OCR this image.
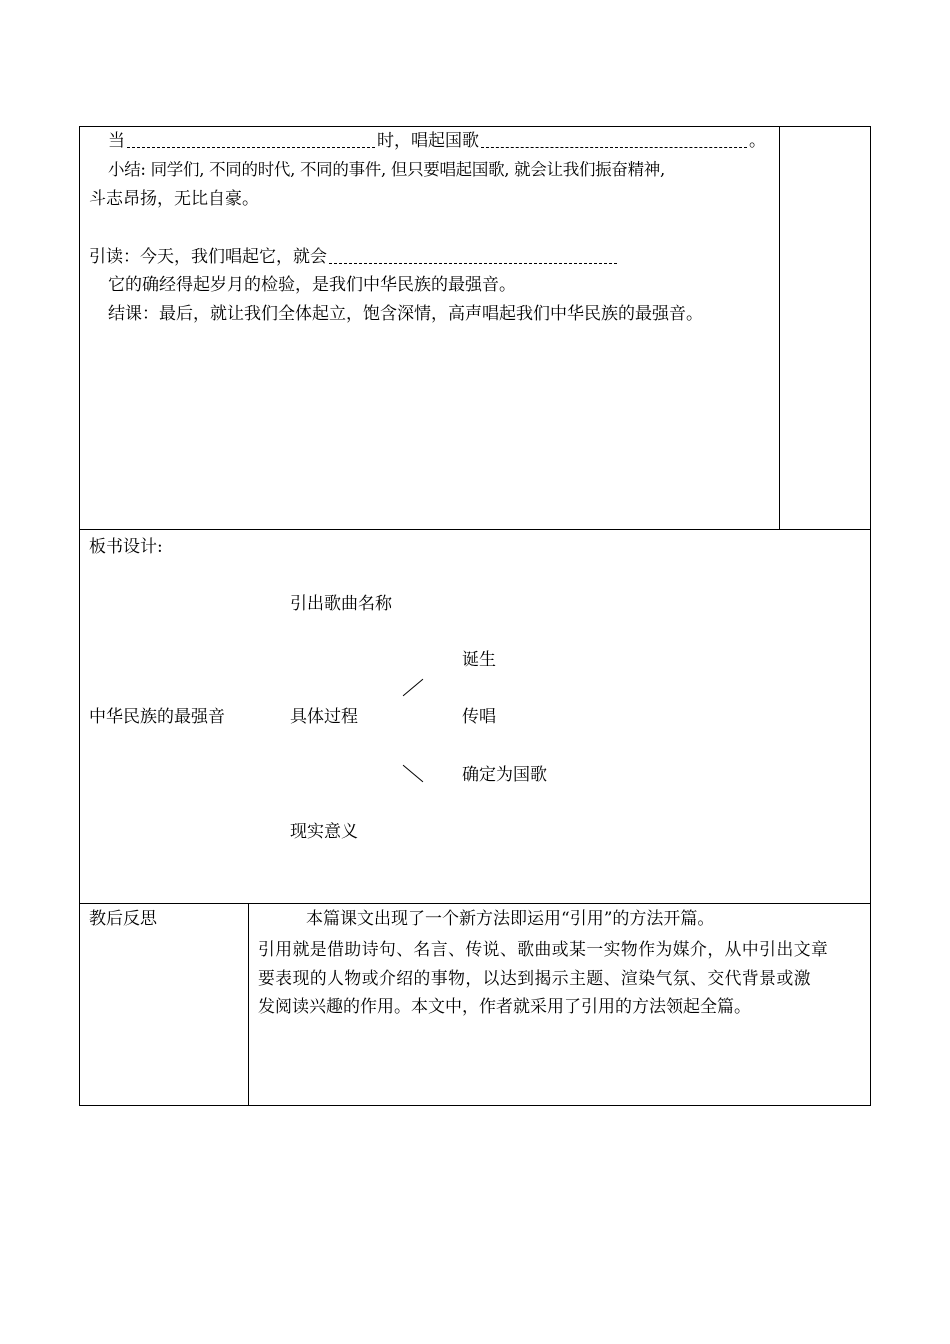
当	时，唱起国歌	。
小结: 同学们, 不同的时代, 不同的事件, 但只要唱起国歌, 就会让我们振奋精神,
斗志昂扬，无比自豪。
引读：今天，我们唱起它，就会
它的确经得起岁月的检验，是我们中华民族的最强音。
结课：最后，就让我们全体起立，饱含深情，高声唱起我们中华民族的最强音。
板书设计:
引出歌曲名称
诞生
中华民族的最强音	具体过程	传唱
确定为国歌
现实意义
教后反思	本篇课文出现了一个新方法即运用“引用”的方法开篇。
引用就是借助诗句、名言、传说、歌曲或某一实物作为媒介，从中引出文章
要表现的人物或介绍的事物，以达到揭示主题、渲染气氛、交代背景或激
发阅读兴趣的作用。本文中，作者就采用了引用的方法领起全篇。
